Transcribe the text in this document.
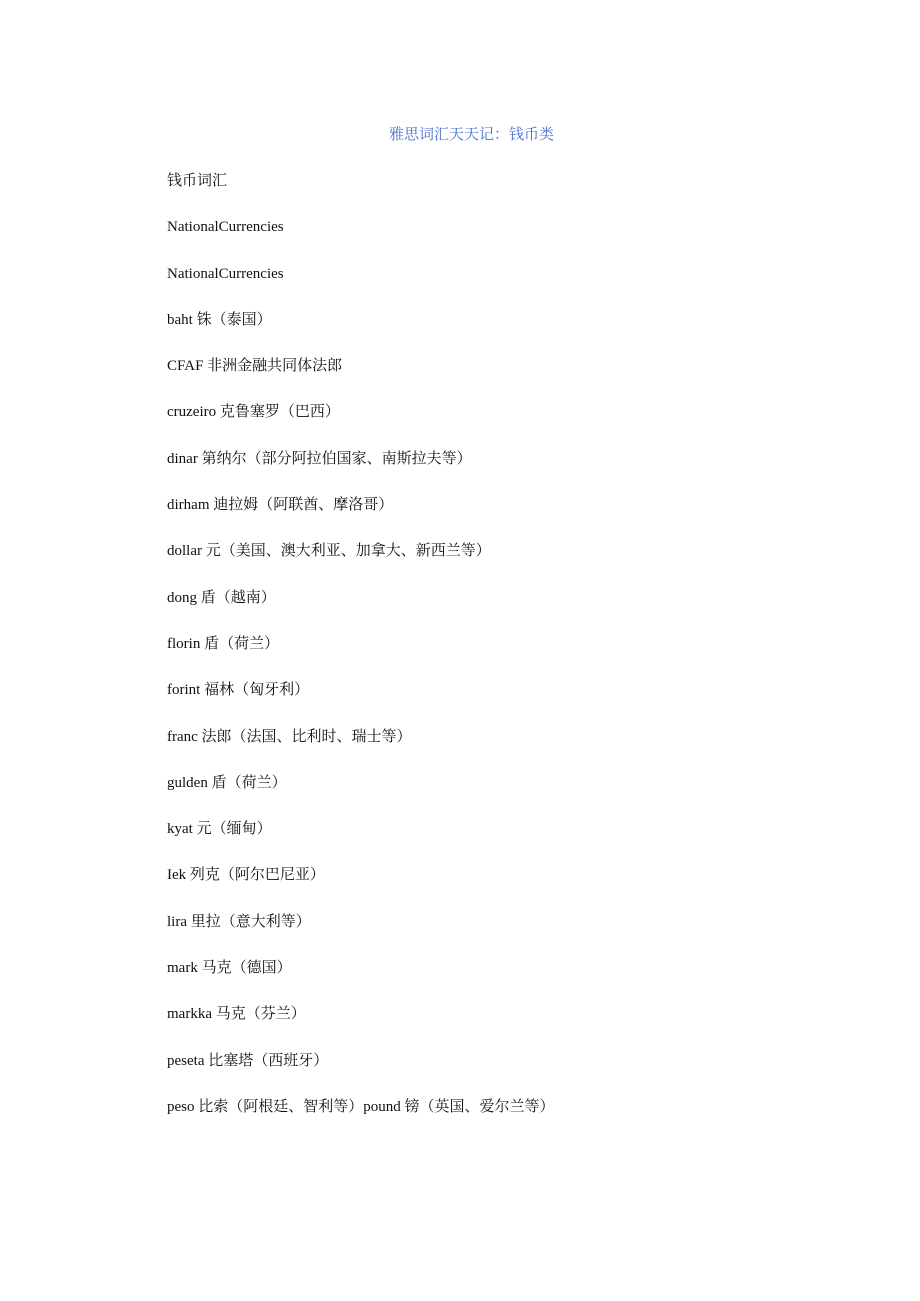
雅思词汇天天记：钱币类
钱币词汇
NationalCurrencies
NationalCurrencies
baht 铢（泰国）
CFAF 非洲金融共同体法郎
cruzeiro 克鲁塞罗（巴西）
dinar 第纳尔（部分阿拉伯国家、南斯拉夫等）
dirham 迪拉姆（阿联酋、摩洛哥）
dollar 元（美国、澳大利亚、加拿大、新西兰等）
dong 盾（越南）
florin 盾（荷兰）
forint 福林（匈牙利）
franc 法郎（法国、比利时、瑞士等）
gulden 盾（荷兰）
kyat 元（缅甸）
Iek 列克（阿尔巴尼亚）
lira 里拉（意大利等）
mark 马克（德国）
markka 马克（芬兰）
peseta 比塞塔（西班牙）
peso 比索（阿根廷、智利等）pound 镑（英国、爱尔兰等）
